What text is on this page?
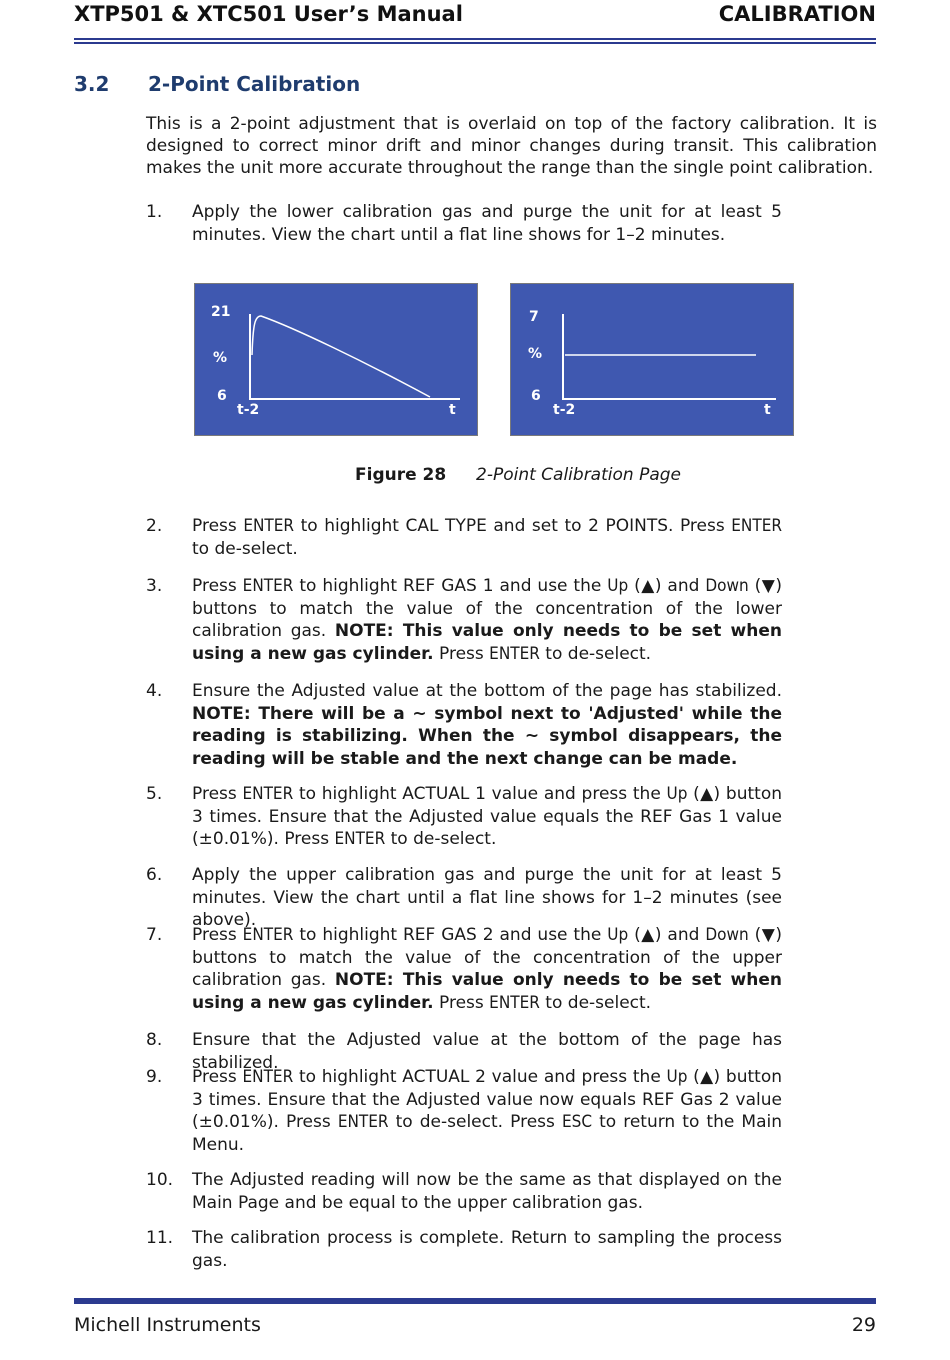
XTP501 & XTC501 User’s Manual	CALIBRATION
3.2 2-Point Calibration

This is a 2-point adjustment that is overlaid on top of the factory calibration. It is designed to correct minor drift and minor changes during transit. This calibration makes the unit more accurate throughout the range than the single point calibration.

1. Apply the lower calibration gas and purge the unit for at least 5 minutes. View the chart until a flat line shows for 1–2 minutes.
21
%
6
t-2	t
7
%
6
t-2	t
Figure 28 2-Point Calibration Page
2. Press ENTER to highlight CAL TYPE and set to 2 POINTS. Press ENTER to de-select.
3. Press ENTER to highlight REF GAS 1 and use the Up (▲) and Down (▼) buttons to match the value of the concentration of the lower calibration gas. NOTE: This value only needs to be set when using a new gas cylinder. Press ENTER to de-select.
4. Ensure the Adjusted value at the bottom of the page has stabilized. NOTE: There will be a ~ symbol next to 'Adjusted' while the reading is stabilizing. When the ~ symbol disappears, the reading will be stable and the next change can be made.
5. Press ENTER to highlight ACTUAL 1 value and press the Up (▲) button 3 times. Ensure that the Adjusted value equals the REF Gas 1 value (±0.01%). Press ENTER to de-select.
6. Apply the upper calibration gas and purge the unit for at least 5 minutes. View the chart until a flat line shows for 1–2 minutes (see above).
7. Press ENTER to highlight REF GAS 2 and use the Up (▲) and Down (▼) buttons to match the value of the concentration of the upper calibration gas. NOTE: This value only needs to be set when using a new gas cylinder. Press ENTER to de-select.
8. Ensure that the Adjusted value at the bottom of the page has stabilized.
9. Press ENTER to highlight ACTUAL 2 value and press the Up (▲) button 3 times. Ensure that the Adjusted value now equals REF Gas 2 value (±0.01%). Press ENTER to de-select. Press ESC to return to the Main Menu.
10. The Adjusted reading will now be the same as that displayed on the Main Page and be equal to the upper calibration gas.
11. The calibration process is complete. Return to sampling the process gas.
Michell Instruments	29
